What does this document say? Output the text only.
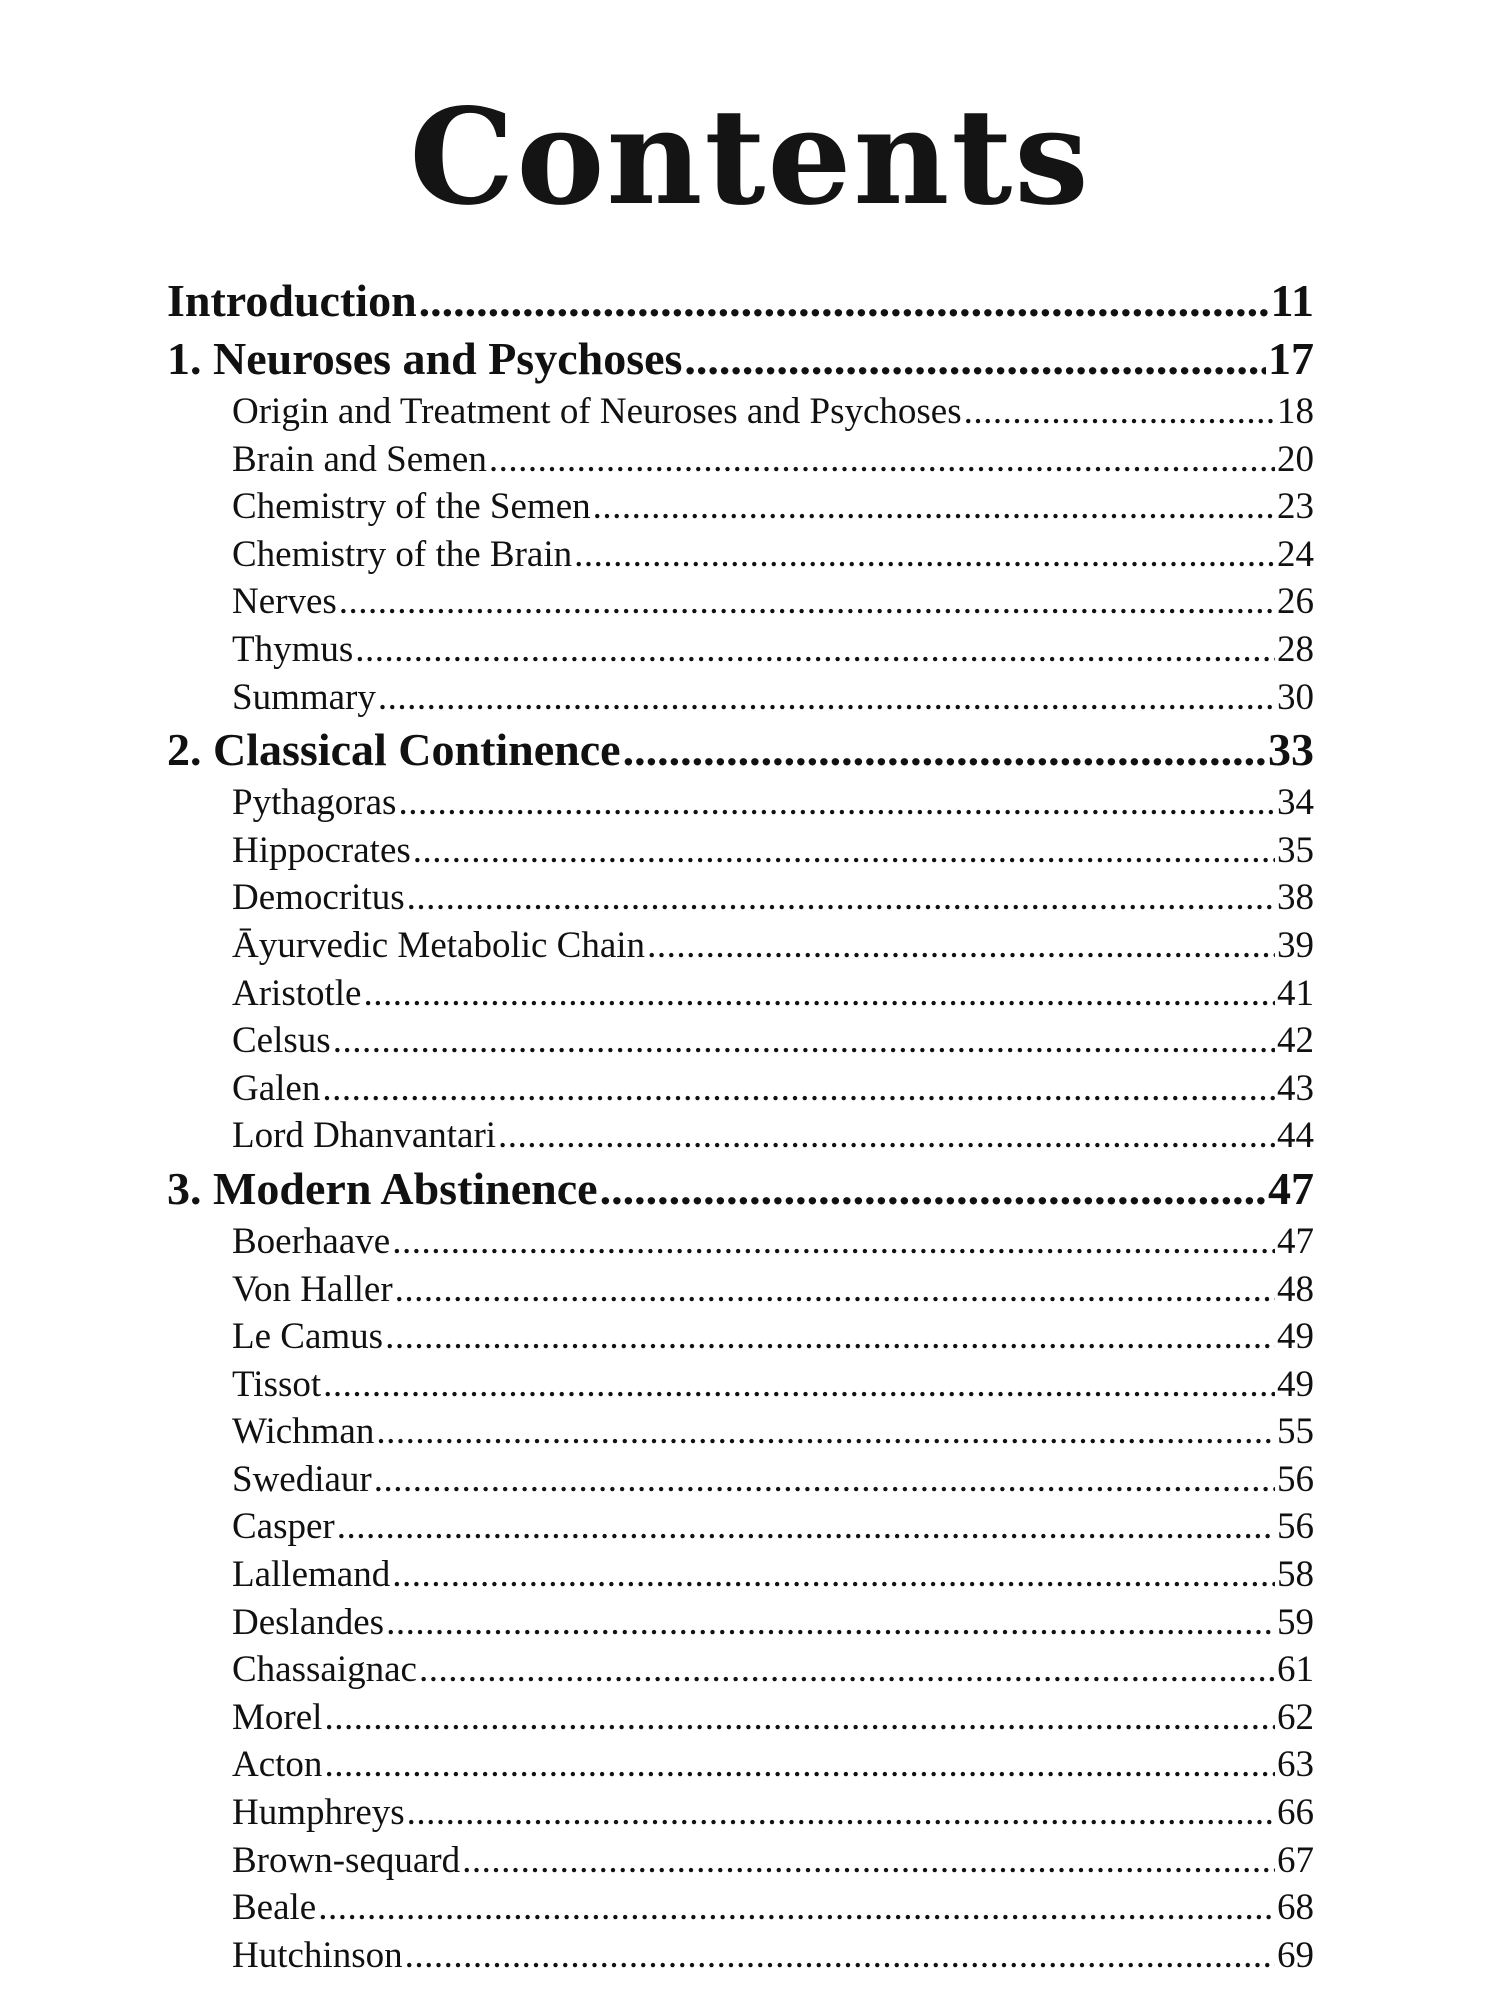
Contents
Introduction .....	11
1. Neuroses and Psychoses .....	17
Origin and Treatment of Neuroses and Psychoses .....	18
Brain and Semen .....	20
Chemistry of the Semen .....	23
Chemistry of the Brain .....	24
Nerves .....	26
Thymus .....	28
Summary .....	30
2. Classical Continence .....	33
Pythagoras .....	34
Hippocrates .....	35
Democritus .....	38
Āyurvedic Metabolic Chain .....	39
Aristotle .....	41
Celsus .....	42
Galen .....	43
Lord Dhanvantari .....	44
3. Modern Abstinence .....	47
Boerhaave .....	47
Von Haller .....	48
Le Camus .....	49
Tissot .....	49
Wichman .....	55
Swediaur .....	56
Casper .....	56
Lallemand .....	58
Deslandes .....	59
Chassaignac .....	61
Morel .....	62
Acton .....	63
Humphreys .....	66
Brown-sequard .....	67
Beale .....	68
Hutchinson .....	69
